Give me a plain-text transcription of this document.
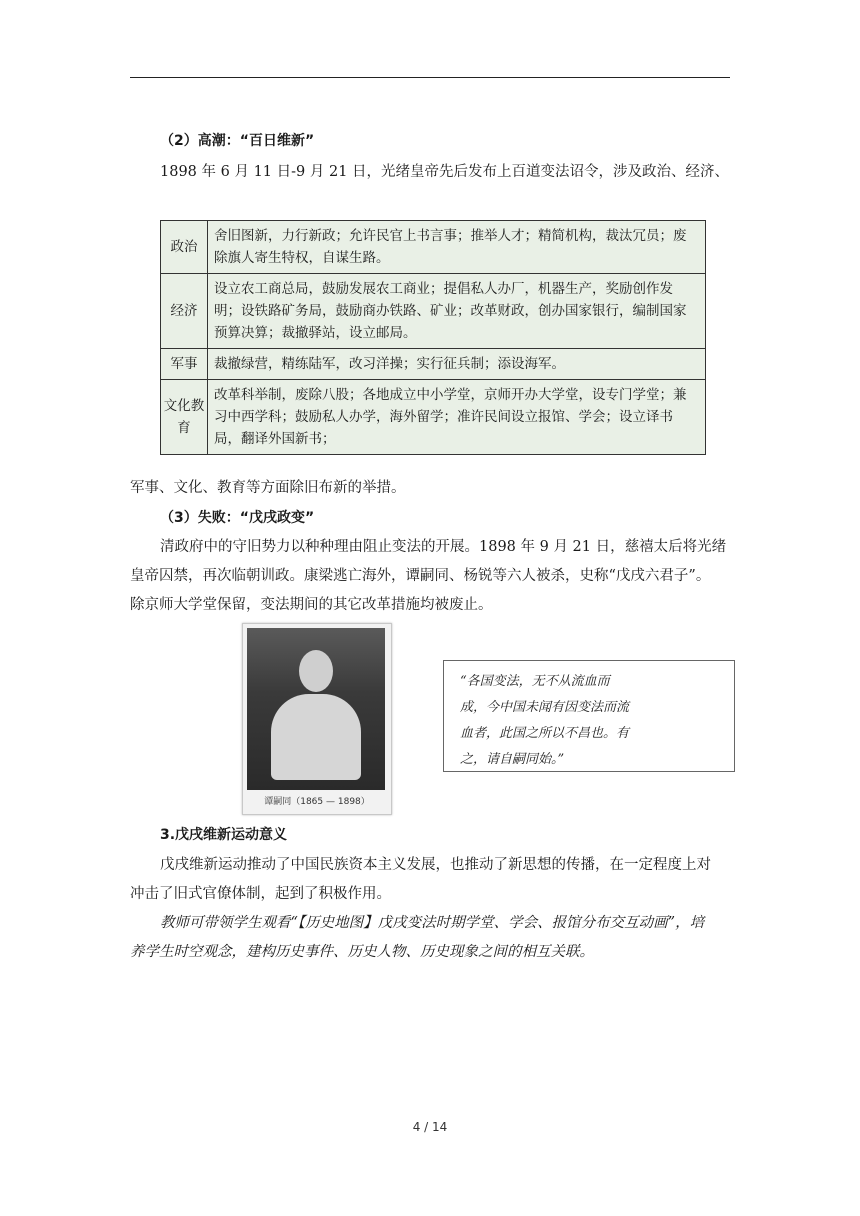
（2）高潮：“百日维新”
1898 年 6 月 11 日-9 月 21 日，光绪皇帝先后发布上百道变法诏令，涉及政治、经济、
政治	舍旧图新，力行新政；允许民官上书言事；推举人才；精简机构，裁汰冗员；废除旗人寄生特权，自谋生路。
经济	设立农工商总局，鼓励发展农工商业；提倡私人办厂，机器生产，奖励创作发明；设铁路矿务局，鼓励商办铁路、矿业；改革财政，创办国家银行，编制国家预算决算；裁撤驿站，设立邮局。
军事	裁撤绿营，精练陆军，改习洋操；实行征兵制；添设海军。
文化教育	改革科举制，废除八股；各地成立中小学堂，京师开办大学堂，设专门学堂；兼习中西学科；鼓励私人办学，海外留学；准许民间设立报馆、学会；设立译书局，翻译外国新书；
军事、文化、教育等方面除旧布新的举措。
（3）失败：“戊戌政变”
清政府中的守旧势力以种种理由阻止变法的开展。1898 年 9 月 21 日，慈禧太后将光绪
皇帝囚禁，再次临朝训政。康梁逃亡海外，谭嗣同、杨锐等六人被杀，史称“戊戌六君子”。
除京师大学堂保留，变法期间的其它改革措施均被废止。
谭嗣同（1865 — 1898）
“各国变法，无不从流血而
成，今中国未闻有因变法而流
血者，此国之所以不昌也。有
之，请自嗣同始。”
3.戊戌维新运动意义
戊戌维新运动推动了中国民族资本主义发展，也推动了新思想的传播，在一定程度上对
冲击了旧式官僚体制，起到了积极作用。
教师可带领学生观看“【历史地图】戊戌变法时期学堂、学会、报馆分布交互动画”，培
养学生时空观念，建构历史事件、历史人物、历史现象之间的相互关联。
4 / 14
